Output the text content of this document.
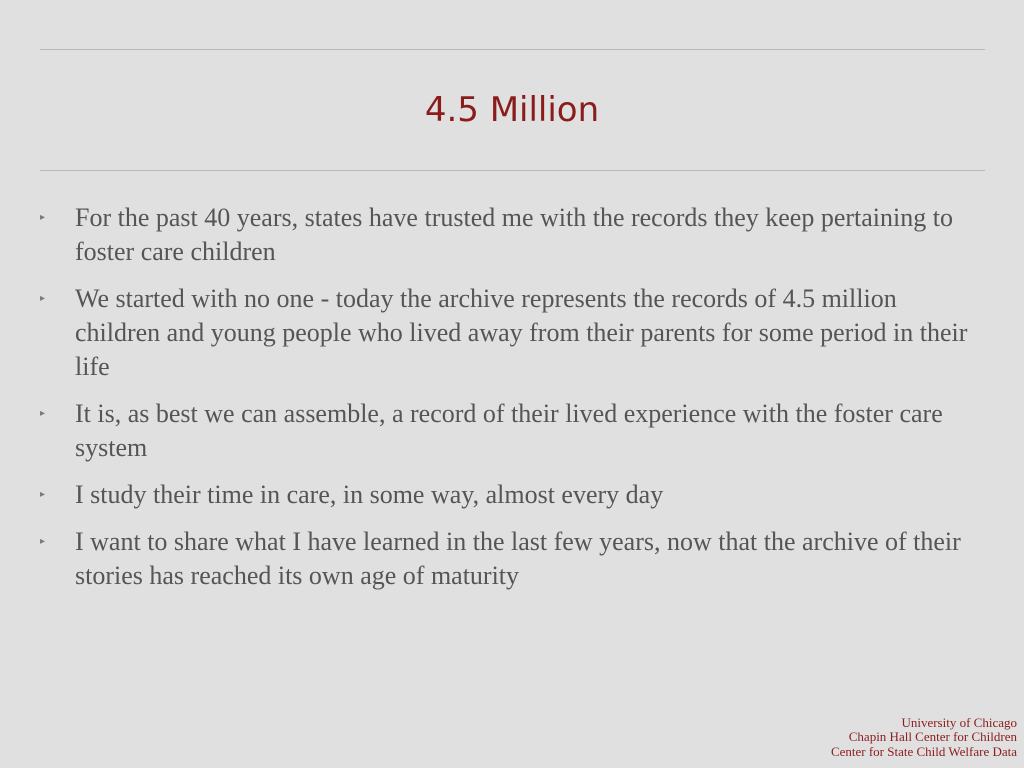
4.5 Million
▸ For the past 40 years, states have trusted me with the records they keep pertaining to foster care children
▸ We started with no one - today the archive represents the records of 4.5 million children and young people who lived away from their parents for some period in their life
▸ It is, as best we can assemble, a record of their lived experience with the foster care system
▸ I study their time in care, in some way, almost every day
▸ I want to share what I have learned in the last few years, now that the archive of their stories has reached its own age of maturity
University of Chicago
Chapin Hall Center for Children
Center for State Child Welfare Data
